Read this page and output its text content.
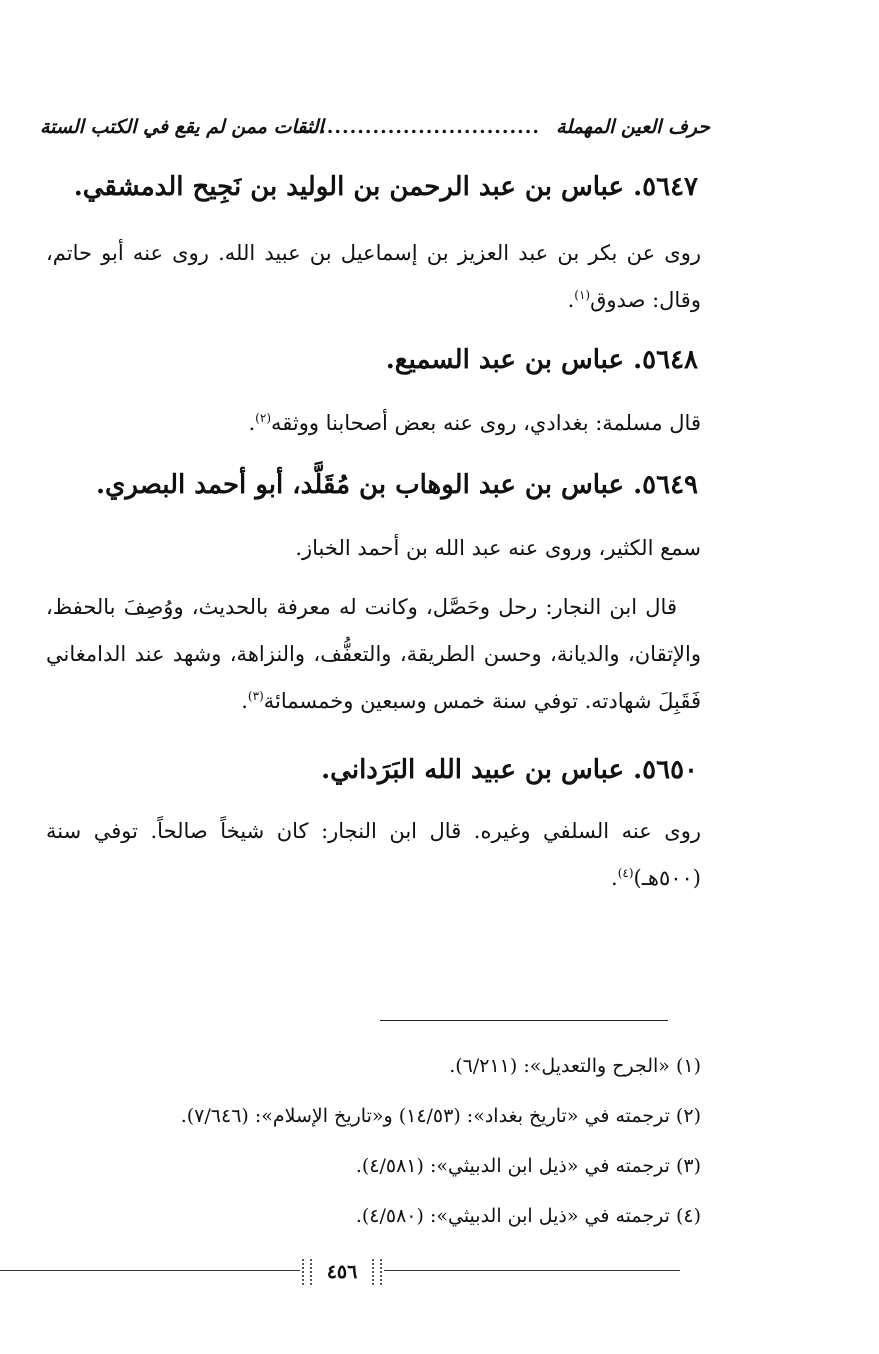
حرف العين المهملة
...............................
الثقات ممن لم يقع في الكتب الستة
٥٦٤٧. عباس بن عبد الرحمن بن الوليد بن نَجِيح الدمشقي.

روى عن بكر بن عبد العزيز بن إسماعيل بن عبيد الله. روى عنه أبو حاتم، وقال: صدوق$^{(١)}$.

٥٦٤٨. عباس بن عبد السميع.

قال مسلمة: بغدادي، روى عنه بعض أصحابنا ووثقه$^{(٢)}$.

٥٦٤٩. عباس بن عبد الوهاب بن مُقَلَّد، أبو أحمد البصري.

سمع الكثير، وروى عنه عبد الله بن أحمد الخباز.

قال ابن النجار: رحل وحَصَّل، وكانت له معرفة بالحديث، ووُصِفَ بالحفظ، والإتقان، والديانة، وحسن الطريقة، والتعفُّف، والنزاهة، وشهد عند الدامغاني فَقَبِلَ شهادته. توفي سنة خمس وسبعين وخمسمائة$^{(٣)}$.

٥٦٥٠. عباس بن عبيد الله البَرَداني.

روى عنه السلفي وغيره. قال ابن النجار: كان شيخاً صالحاً. توفي سنة (٥٠٠هـ)$^{(٤)}$.

(١) «الجرح والتعديل»: (٦/٢١١).
(٢) ترجمته في «تاريخ بغداد»: (١٤/٥٣) و«تاريخ الإسلام»: (٧/٦٤٦).
(٣) ترجمته في «ذيل ابن الدبيثي»: (٤/٥٨١).
(٤) ترجمته في «ذيل ابن الدبيثي»: (٤/٥٨٠).
٤٥٦
